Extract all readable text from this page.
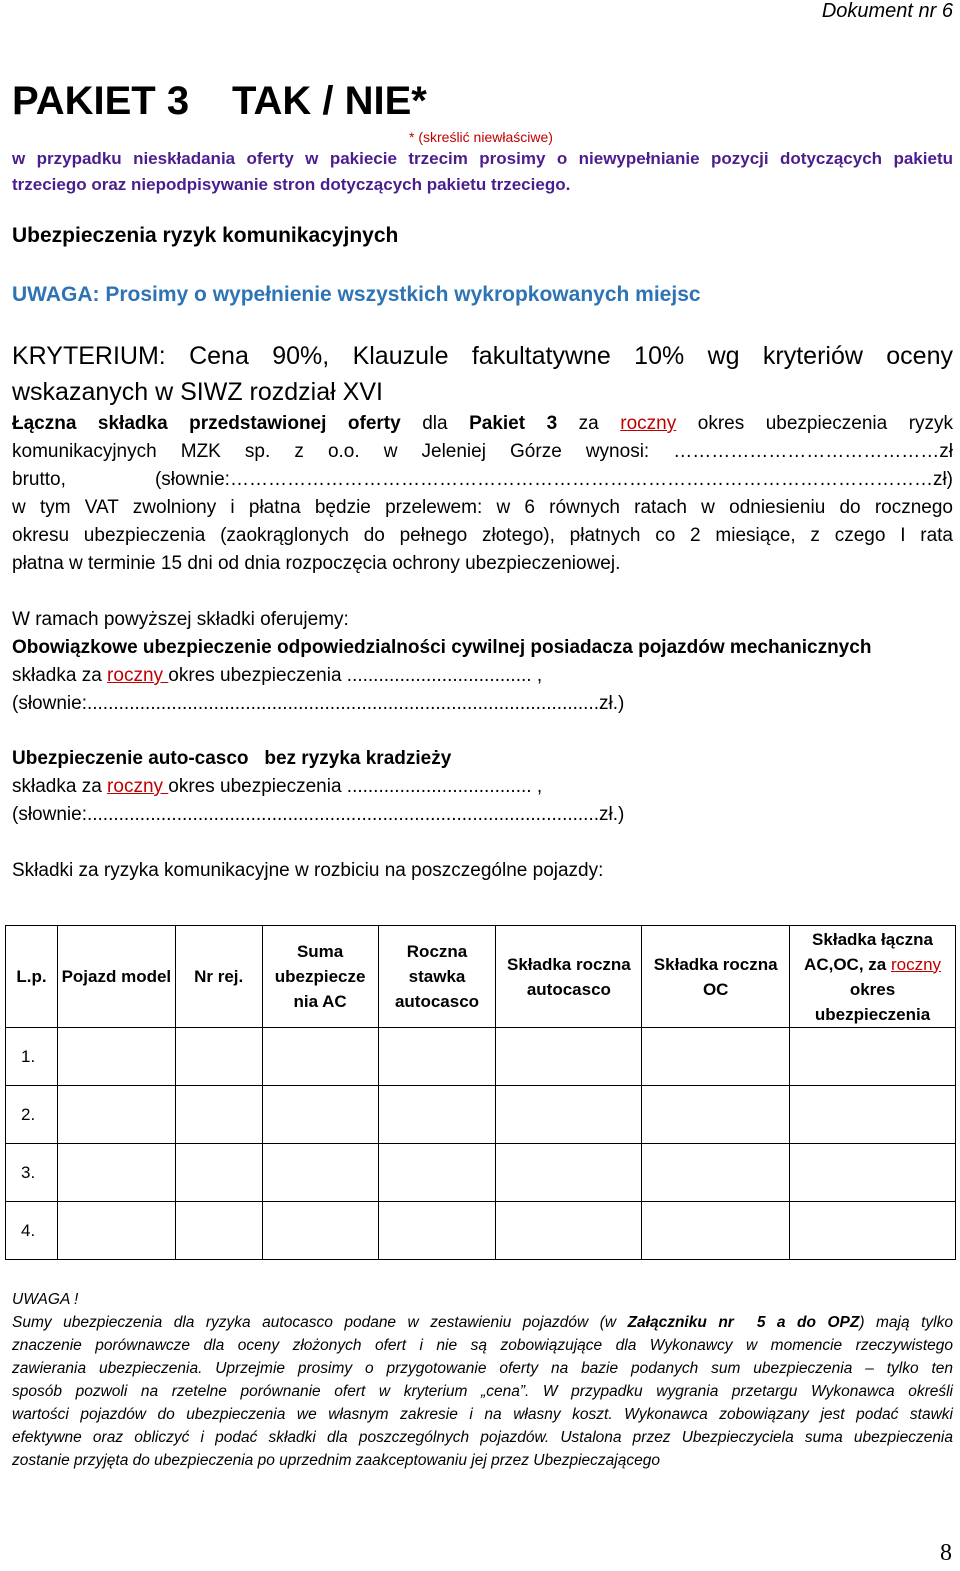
Dokument nr 6
PAKIET 3 TAK / NIE*
* (skreślić niewłaściwe)
w przypadku nieskładania oferty w pakiecie trzecim prosimy o niewypełnianie pozycji dotyczących pakietu
trzeciego oraz niepodpisywanie stron dotyczących pakietu trzeciego.
Ubezpieczenia ryzyk komunikacyjnych
UWAGA: Prosimy o wypełnienie wszystkich wykropkowanych miejsc
KRYTERIUM: Cena 90%, Klauzule fakultatywne 10% wg kryteriów oceny
wskazanych w SIWZ rozdział XVI
Łączna składka przedstawionej oferty dla Pakiet 3 za roczny okres ubezpieczenia ryzyk
komunikacyjnych MZK sp. z o.o. w Jeleniej Górze wynosi: ……………………………………zł
brutto, (słownie:…………………………………………………………………………………………………zł)
w tym VAT zwolniony i płatna będzie przelewem: w 6 równych ratach w odniesieniu do rocznego
okresu ubezpieczenia (zaokrąglonych do pełnego złotego), płatnych co 2 miesiące, z czego I rata
płatna w terminie 15 dni od dnia rozpoczęcia ochrony ubezpieczeniowej.
W ramach powyższej składki oferujemy:
Obowiązkowe ubezpieczenie odpowiedzialności cywilnej posiadacza pojazdów mechanicznych
składka za roczny okres ubezpieczenia ................................... ,
(słownie:.................................................................................................zł.)
Ubezpieczenie auto-casco   bez ryzyka kradzieży
składka za roczny okres ubezpieczenia ................................... ,
(słownie:.................................................................................................zł.)
Składki za ryzyka komunikacyjne w rozbiciu na poszczególne pojazdy:
L.p.	Pojazd model	Nr rej.	Suma ubezpiecze nia AC	Roczna stawka autocasco	Składka roczna autocasco	Składka roczna OC	Składka łączna
AC,OC, za roczny
okres
ubezpieczenia
1.							
2.							
3.							
4.							
UWAGA !
Sumy ubezpieczenia dla ryzyka autocasco podane w zestawieniu pojazdów (w Załączniku nr  5 a do OPZ) mają tylko
znaczenie porównawcze dla oceny złożonych ofert i nie są zobowiązujące dla Wykonawcy w momencie rzeczywistego
zawierania ubezpieczenia. Uprzejmie prosimy o przygotowanie oferty na bazie podanych sum ubezpieczenia – tylko ten
sposób pozwoli na rzetelne porównanie ofert w kryterium „cena”. W przypadku wygrania przetargu Wykonawca określi
wartości pojazdów do ubezpieczenia we własnym zakresie i na własny koszt. Wykonawca zobowiązany jest podać stawki
efektywne oraz obliczyć i podać składki dla poszczególnych pojazdów. Ustalona przez Ubezpieczyciela suma ubezpieczenia
zostanie przyjęta do ubezpieczenia po uprzednim zaakceptowaniu jej przez Ubezpieczającego
8
